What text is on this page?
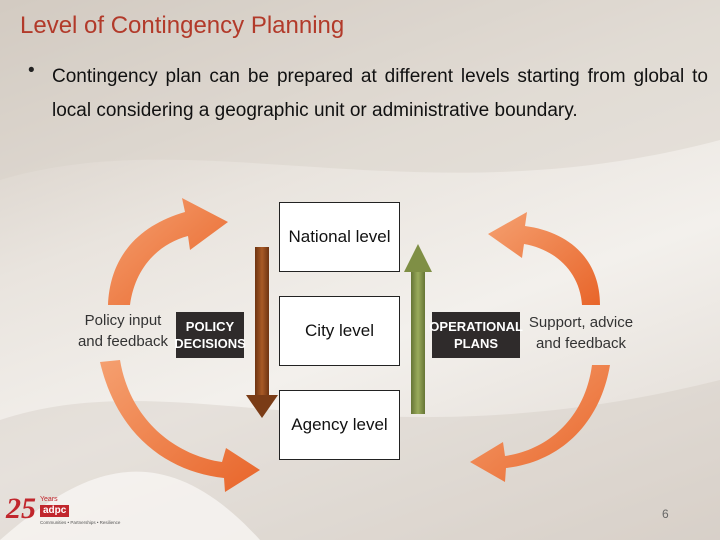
Level of Contingency Planning
• Contingency plan can be prepared at different levels starting from global to local considering a geographic unit or administrative boundary.
National level
City level
Agency level
POLICY DECISIONS
OPERATIONAL PLANS
Policy input and feedback
Support, advice and feedback
6
25 Years
adpc
Communities • Partnerships • Resilience
